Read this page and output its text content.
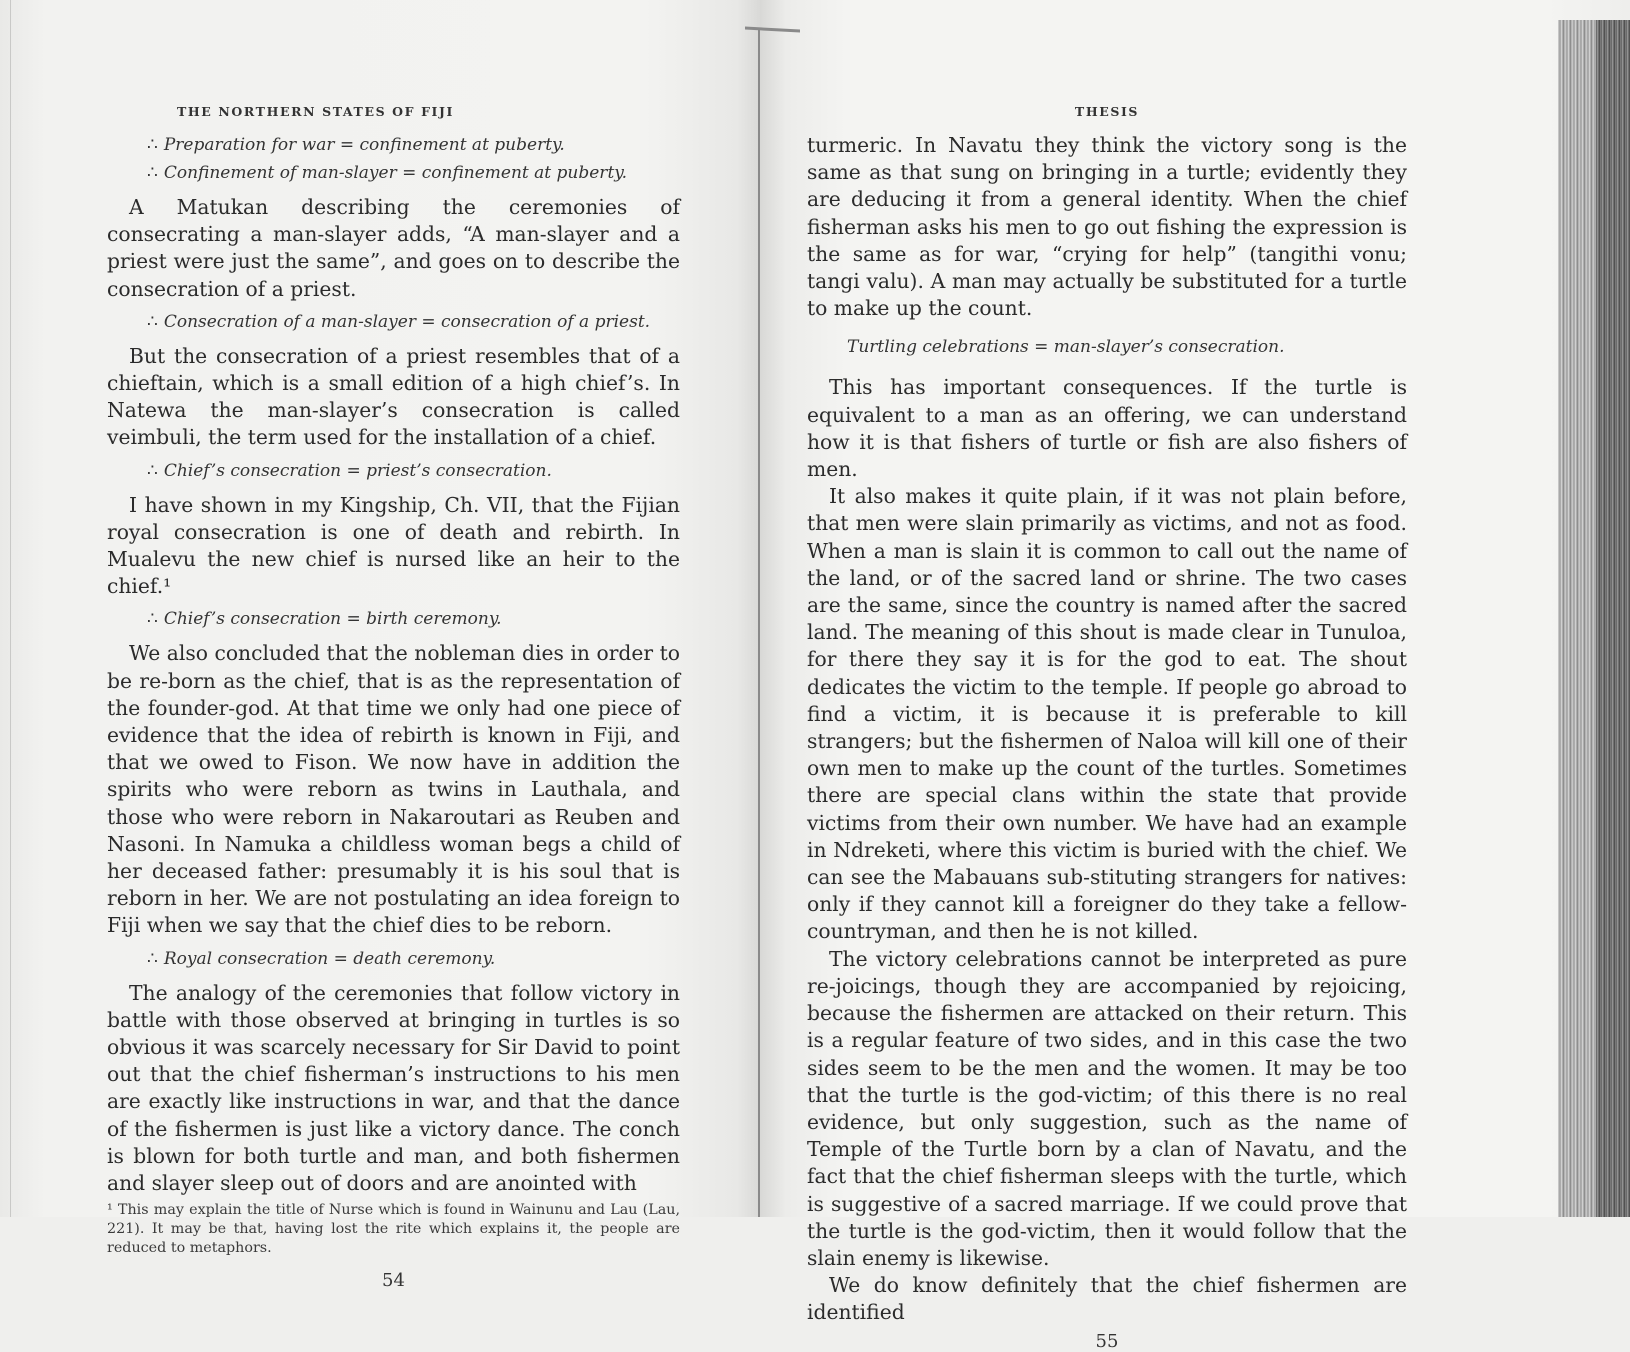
THE NORTHERN STATES OF FIJI

∴ Preparation for war = confinement at puberty.

∴ Confinement of man-slayer = confinement at puberty.

A Matukan describing the ceremonies of consecrating a man-slayer adds, “A man-slayer and a priest were just the same”, and goes on to describe the consecration of a priest.

∴ Consecration of a man-slayer = consecration of a priest.

But the consecration of a priest resembles that of a chieftain, which is a small edition of a high chief’s. In Natewa the man-slayer’s consecration is called veimbuli, the term used for the installation of a chief.

∴ Chief’s consecration = priest’s consecration.

I have shown in my Kingship, Ch. VII, that the Fijian royal consecration is one of death and rebirth. In Mualevu the new chief is nursed like an heir to the chief.¹

∴ Chief’s consecration = birth ceremony.

We also concluded that the nobleman dies in order to be re-born as the chief, that is as the representation of the founder-god. At that time we only had one piece of evidence that the idea of rebirth is known in Fiji, and that we owed to Fison. We now have in addition the spirits who were reborn as twins in Lauthala, and those who were reborn in Nakaroutari as Reuben and Nasoni. In Namuka a childless woman begs a child of her deceased father: presumably it is his soul that is reborn in her. We are not postulating an idea foreign to Fiji when we say that the chief dies to be reborn.

∴ Royal consecration = death ceremony.

The analogy of the ceremonies that follow victory in battle with those observed at bringing in turtles is so obvious it was scarcely necessary for Sir David to point out that the chief fisherman’s instructions to his men are exactly like instructions in war, and that the dance of the fishermen is just like a victory dance. The conch is blown for both turtle and man, and both fishermen and slayer sleep out of doors and are anointed with

¹ This may explain the title of Nurse which is found in Wainunu and Lau (Lau, 221). It may be that, having lost the rite which explains it, the people are reduced to metaphors.
54
THESIS

turmeric. In Navatu they think the victory song is the same as that sung on bringing in a turtle; evidently they are deducing it from a general identity. When the chief fisherman asks his men to go out fishing the expression is the same as for war, “crying for help” (tangithi vonu; tangi valu). A man may actually be substituted for a turtle to make up the count.

Turtling celebrations = man-slayer’s consecration.

This has important consequences. If the turtle is equivalent to a man as an offering, we can understand how it is that fishers of turtle or fish are also fishers of men.

It also makes it quite plain, if it was not plain before, that men were slain primarily as victims, and not as food. When a man is slain it is common to call out the name of the land, or of the sacred land or shrine. The two cases are the same, since the country is named after the sacred land. The meaning of this shout is made clear in Tunuloa, for there they say it is for the god to eat. The shout dedicates the victim to the temple. If people go abroad to find a victim, it is because it is preferable to kill strangers; but the fishermen of Naloa will kill one of their own men to make up the count of the turtles. Sometimes there are special clans within the state that provide victims from their own number. We have had an example in Ndreketi, where this victim is buried with the chief. We can see the Mabauans sub-stituting strangers for natives: only if they cannot kill a foreigner do they take a fellow-countryman, and then he is not killed.

The victory celebrations cannot be interpreted as pure re-joicings, though they are accompanied by rejoicing, because the fishermen are attacked on their return. This is a regular feature of two sides, and in this case the two sides seem to be the men and the women. It may be too that the turtle is the god-victim; of this there is no real evidence, but only suggestion, such as the name of Temple of the Turtle born by a clan of Navatu, and the fact that the chief fisherman sleeps with the turtle, which is suggestive of a sacred marriage. If we could prove that the turtle is the god-victim, then it would follow that the slain enemy is likewise.

We do know definitely that the chief fishermen are identified

55
